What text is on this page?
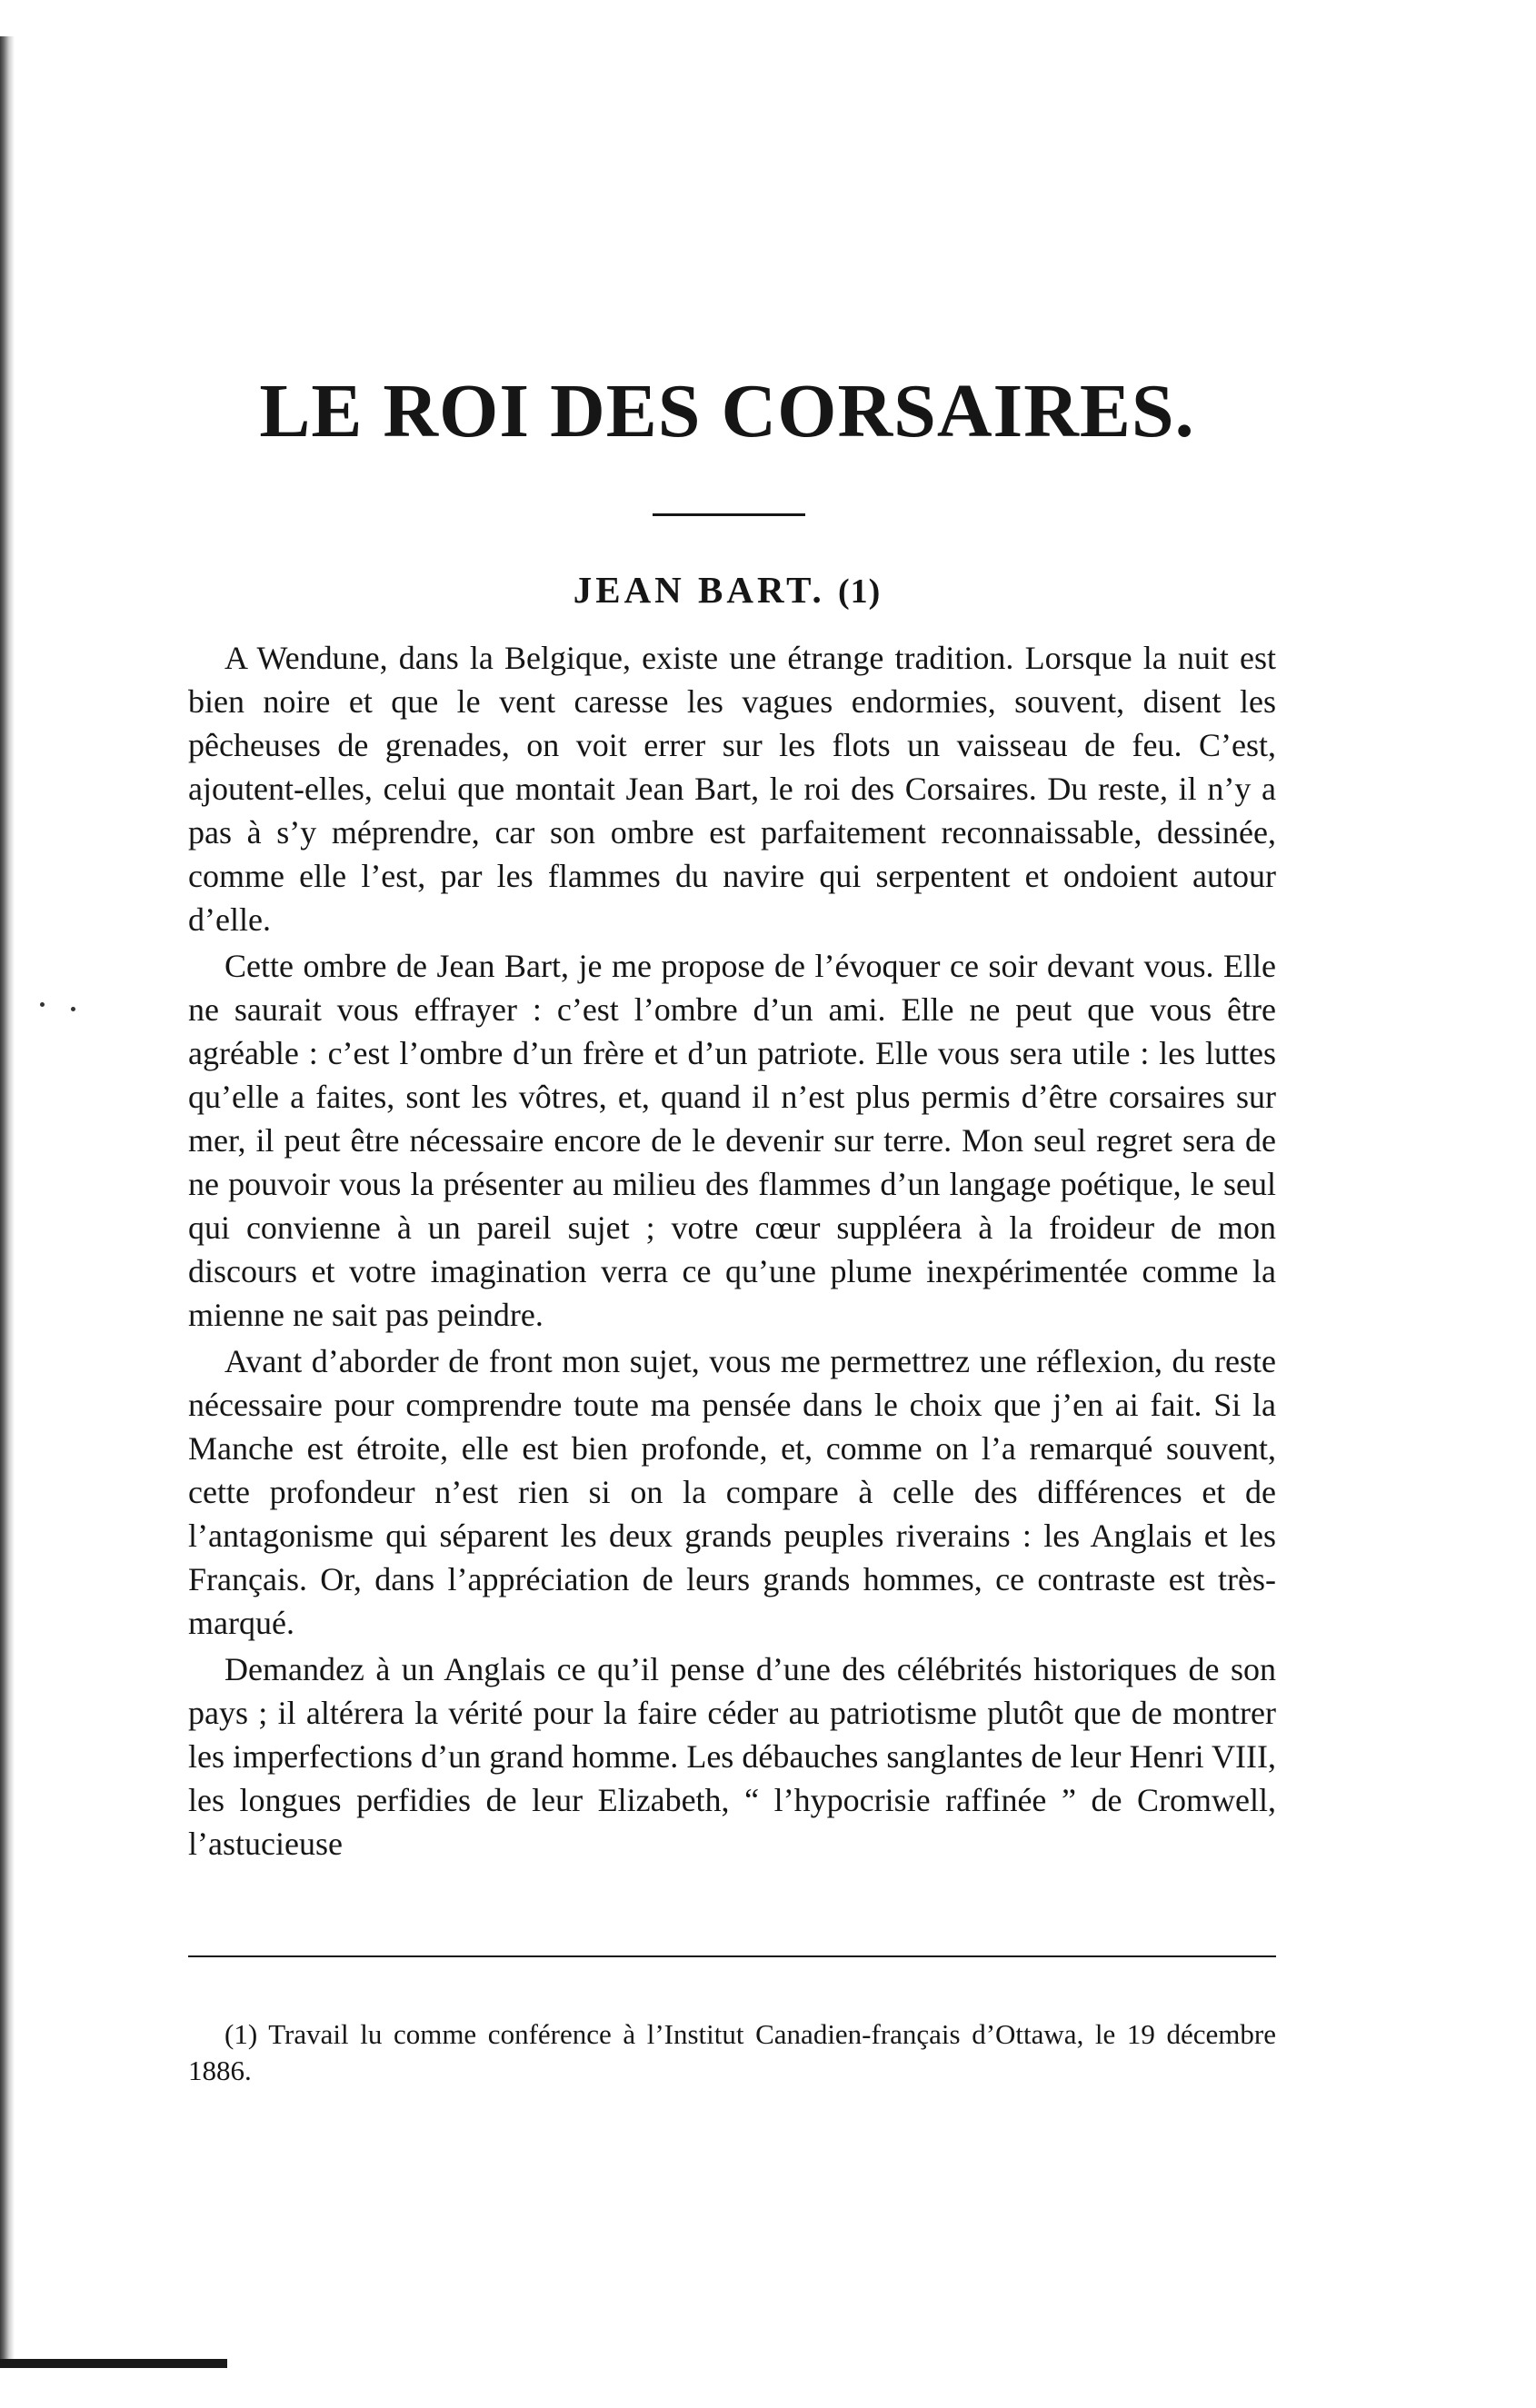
LE ROI DES CORSAIRES.
JEAN BART. (1)

A Wendune, dans la Belgique, existe une étrange tradition. Lorsque la nuit est bien noire et que le vent caresse les vagues endormies, souvent, disent les pêcheuses de grenades, on voit errer sur les flots un vaisseau de feu. C’est, ajoutent-elles, celui que montait Jean Bart, le roi des Corsaires. Du reste, il n’y a pas à s’y méprendre, car son ombre est parfaitement reconnaissable, dessinée, comme elle l’est, par les flammes du navire qui serpentent et ondoient autour d’elle.

Cette ombre de Jean Bart, je me propose de l’évoquer ce soir devant vous. Elle ne saurait vous effrayer : c’est l’ombre d’un ami. Elle ne peut que vous être agréable : c’est l’ombre d’un frère et d’un patriote. Elle vous sera utile : les luttes qu’elle a faites, sont les vôtres, et, quand il n’est plus permis d’être corsaires sur mer, il peut être nécessaire encore de le devenir sur terre. Mon seul regret sera de ne pouvoir vous la présenter au milieu des flammes d’un langage poétique, le seul qui convienne à un pareil sujet ; votre cœur suppléera à la froideur de mon discours et votre imagination verra ce qu’une plume inexpérimentée comme la mienne ne sait pas peindre.

Avant d’aborder de front mon sujet, vous me permettrez une réflexion, du reste nécessaire pour comprendre toute ma pensée dans le choix que j’en ai fait. Si la Manche est étroite, elle est bien profonde, et, comme on l’a remarqué souvent, cette profondeur n’est rien si on la compare à celle des différences et de l’antagonisme qui séparent les deux grands peuples riverains : les Anglais et les Français. Or, dans l’appréciation de leurs grands hommes, ce contraste est très-marqué.

Demandez à un Anglais ce qu’il pense d’une des célébrités historiques de son pays ; il altérera la vérité pour la faire céder au patriotisme plutôt que de montrer les imperfections d’un grand homme. Les débauches sanglantes de leur Henri VIII, les longues perfidies de leur Elizabeth, “ l’hypocrisie raffinée ” de Cromwell, l’astucieuse

(1) Travail lu comme conférence à l’Institut Canadien-français d’Ottawa, le 19 décembre 1886.
